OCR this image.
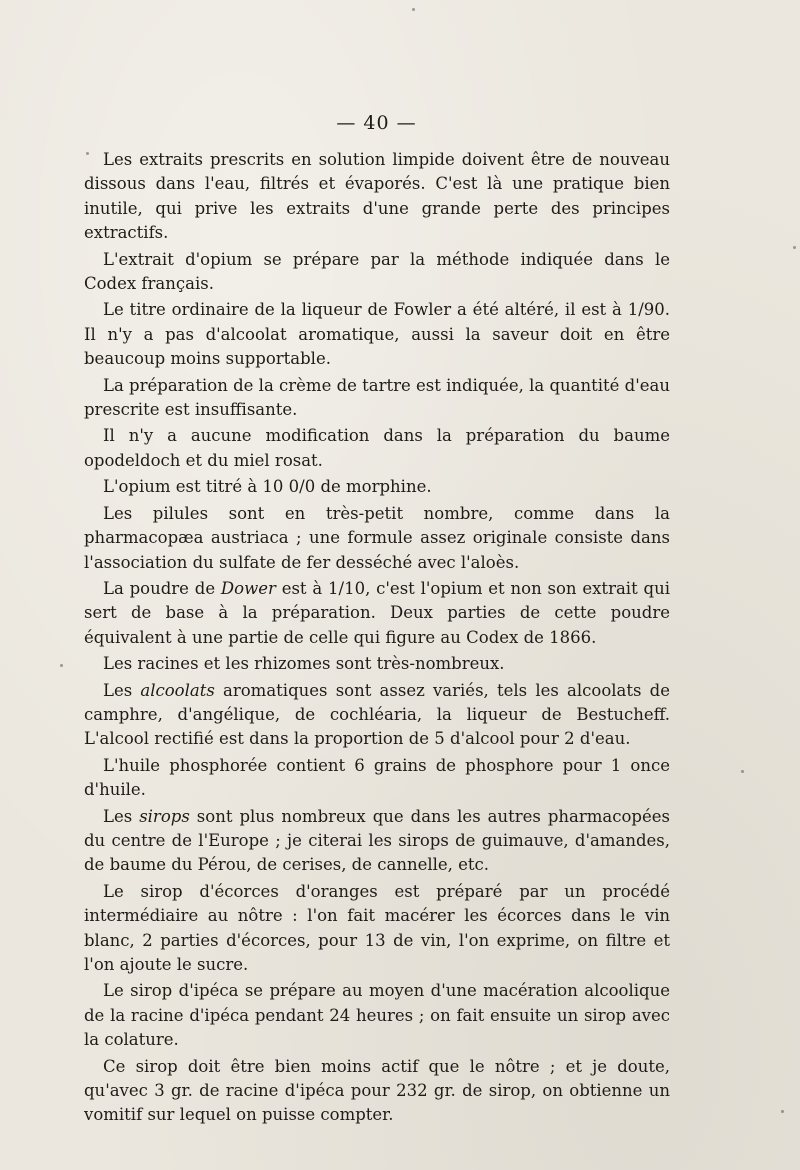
— 40 —

Les extraits prescrits en solution limpide doivent être de nouveau dissous dans l'eau, filtrés et évaporés. C'est là une pratique bien inutile, qui prive les extraits d'une grande perte des principes extractifs.

L'extrait d'opium se prépare par la méthode indiquée dans le Codex français.

Le titre ordinaire de la liqueur de Fowler a été altéré, il est à 1/90. Il n'y a pas d'alcoolat aromatique, aussi la saveur doit en être beaucoup moins supportable.

La préparation de la crème de tartre est indiquée, la quantité d'eau prescrite est insuffisante.

Il n'y a aucune modification dans la préparation du baume opodeldoch et du miel rosat.

L'opium est titré à 10 0/0 de morphine.

Les pilules sont en très-petit nombre, comme dans la pharmacopæa austriaca ; une formule assez originale consiste dans l'association du sulfate de fer desséché avec l'aloès.

La poudre de Dower est à 1/10, c'est l'opium et non son extrait qui sert de base à la préparation. Deux parties de cette poudre équivalent à une partie de celle qui figure au Codex de 1866.

Les racines et les rhizomes sont très-nombreux.

Les alcoolats aromatiques sont assez variés, tels les alcoolats de camphre, d'angélique, de cochléaria, la liqueur de Bestucheff. L'alcool rectifié est dans la proportion de 5 d'alcool pour 2 d'eau.

L'huile phosphorée contient 6 grains de phosphore pour 1 once d'huile.

Les sirops sont plus nombreux que dans les autres pharmacopées du centre de l'Europe ; je citerai les sirops de guimauve, d'amandes, de baume du Pérou, de cerises, de cannelle, etc.

Le sirop d'écorces d'oranges est préparé par un procédé intermédiaire au nôtre : l'on fait macérer les écorces dans le vin blanc, 2 parties d'écorces, pour 13 de vin, l'on exprime, on filtre et l'on ajoute le sucre.

Le sirop d'ipéca se prépare au moyen d'une macération alcoolique de la racine d'ipéca pendant 24 heures ; on fait ensuite un sirop avec la colature.

Ce sirop doit être bien moins actif que le nôtre ; et je doute, qu'avec 3 gr. de racine d'ipéca pour 232 gr. de sirop, on obtienne un vomitif sur lequel on puisse compter.
